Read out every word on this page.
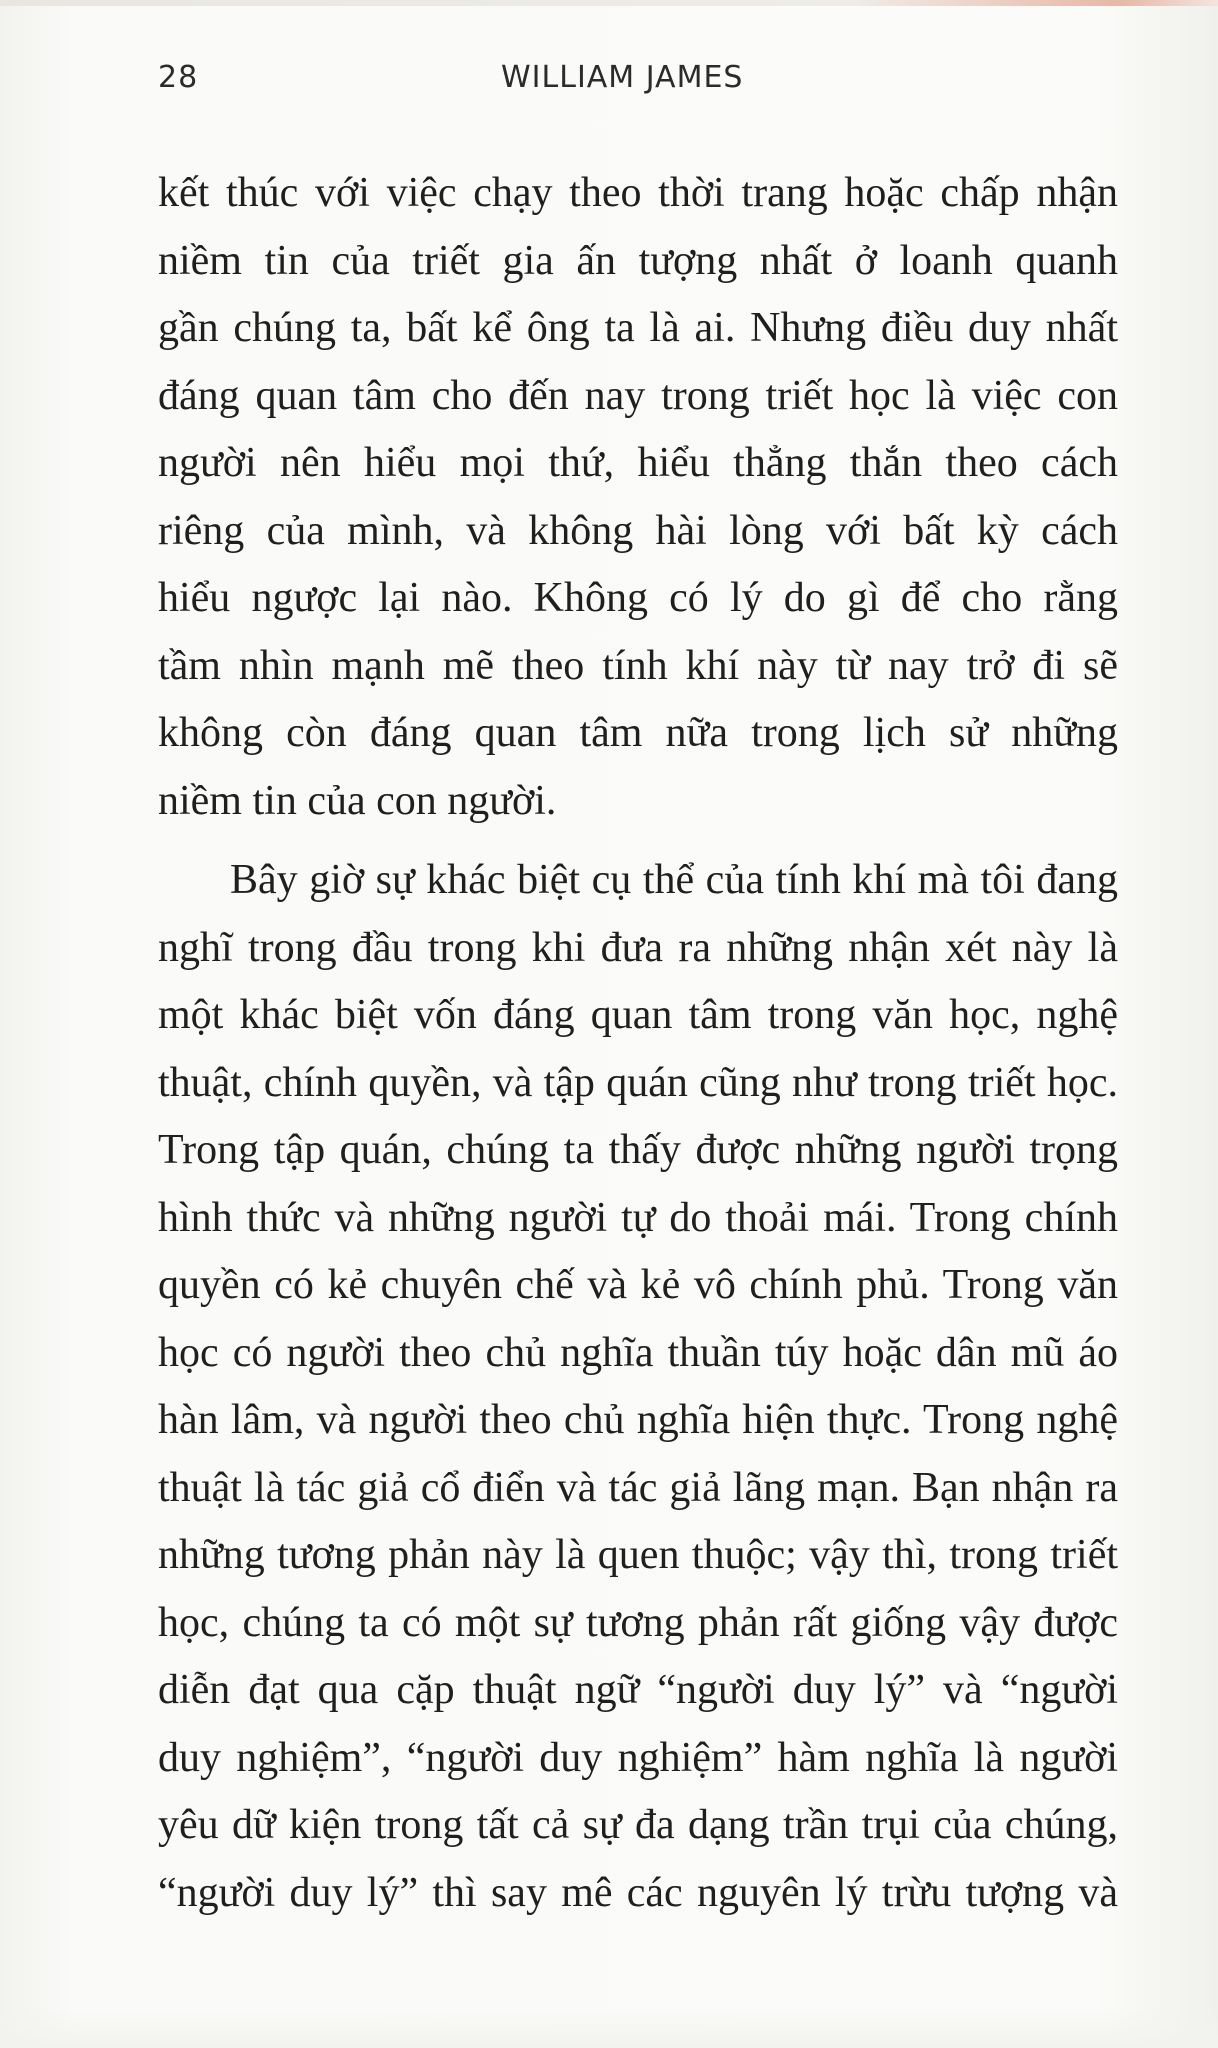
28	WILLIAM JAMES
kết thúc với việc chạy theo thời trang hoặc chấp nhận
niềm tin của triết gia ấn tượng nhất ở loanh quanh
gần chúng ta, bất kể ông ta là ai. Nhưng điều duy nhất
đáng quan tâm cho đến nay trong triết học là việc con
người nên hiểu mọi thứ, hiểu thẳng thắn theo cách
riêng của mình, và không hài lòng với bất kỳ cách
hiểu ngược lại nào. Không có lý do gì để cho rằng
tầm nhìn mạnh mẽ theo tính khí này từ nay trở đi sẽ
không còn đáng quan tâm nữa trong lịch sử những
niềm tin của con người.
Bây giờ sự khác biệt cụ thể của tính khí mà tôi đang
nghĩ trong đầu trong khi đưa ra những nhận xét này là
một khác biệt vốn đáng quan tâm trong văn học, nghệ
thuật, chính quyền, và tập quán cũng như trong triết học.
Trong tập quán, chúng ta thấy được những người trọng
hình thức và những người tự do thoải mái. Trong chính
quyền có kẻ chuyên chế và kẻ vô chính phủ. Trong văn
học có người theo chủ nghĩa thuần túy hoặc dân mũ áo
hàn lâm, và người theo chủ nghĩa hiện thực. Trong nghệ
thuật là tác giả cổ điển và tác giả lãng mạn. Bạn nhận ra
những tương phản này là quen thuộc; vậy thì, trong triết
học, chúng ta có một sự tương phản rất giống vậy được
diễn đạt qua cặp thuật ngữ “người duy lý” và “người
duy nghiệm”, “người duy nghiệm” hàm nghĩa là người
yêu dữ kiện trong tất cả sự đa dạng trần trụi của chúng,
“người duy lý” thì say mê các nguyên lý trừu tượng và
